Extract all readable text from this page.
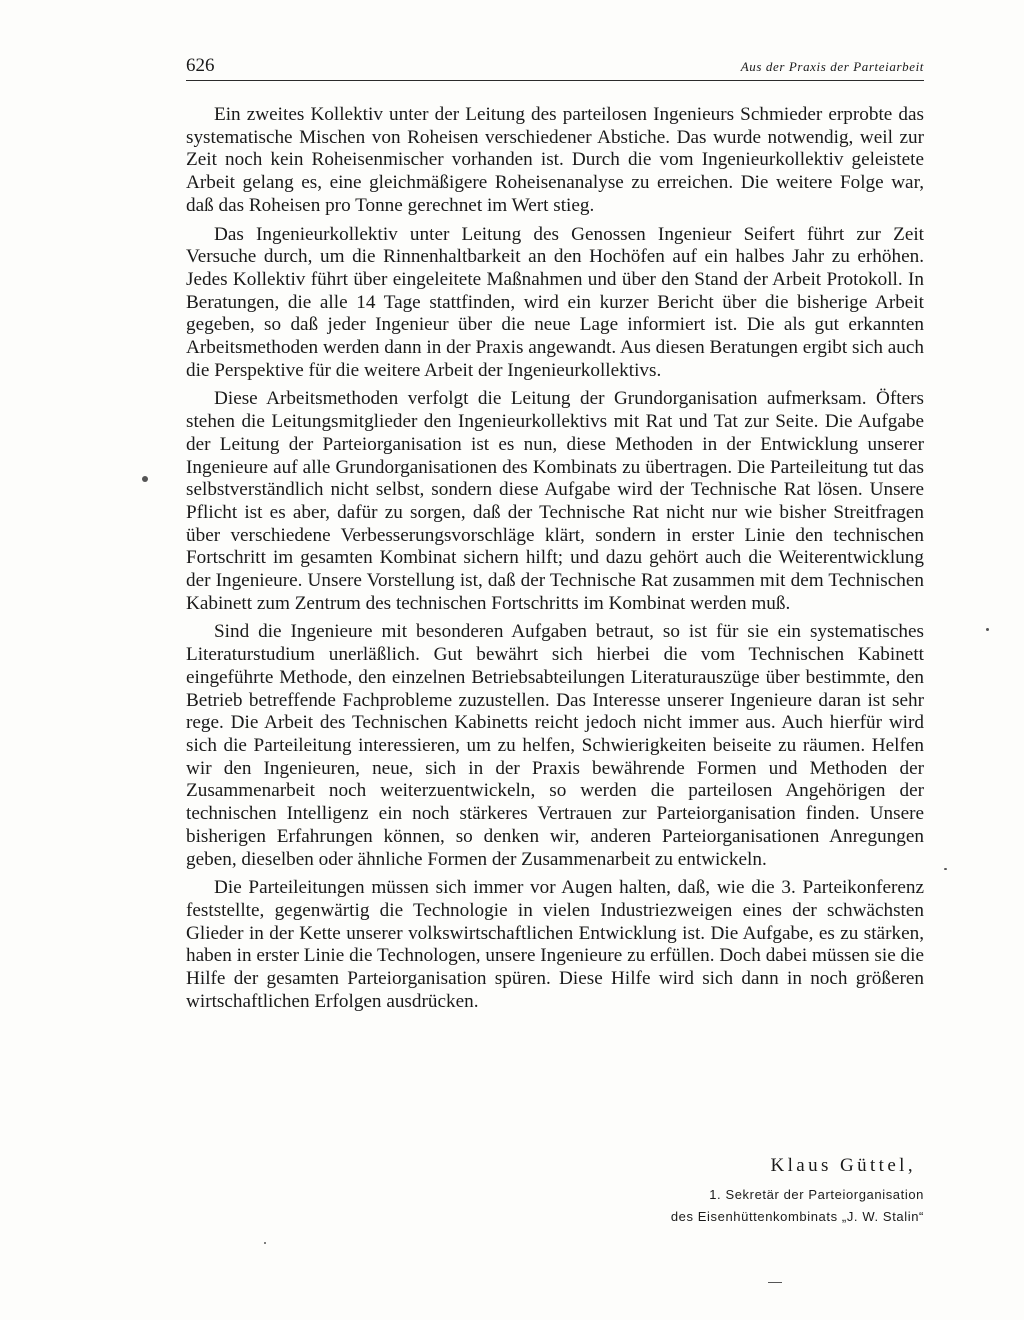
626	Aus der Praxis der Parteiarbeit

Ein zweites Kollektiv unter der Leitung des parteilosen Ingenieurs Schmieder erprobte das systematische Mischen von Roheisen verschiedener Abstiche. Das wurde notwendig, weil zur Zeit noch kein Roheisenmischer vorhanden ist. Durch die vom Ingenieurkollektiv geleistete Arbeit gelang es, eine gleichmäßigere Roheisenanalyse zu erreichen. Die weitere Folge war, daß das Roheisen pro Tonne gerechnet im Wert stieg.

Das Ingenieurkollektiv unter Leitung des Genossen Ingenieur Seifert führt zur Zeit Versuche durch, um die Rinnenhaltbarkeit an den Hochöfen auf ein halbes Jahr zu erhöhen. Jedes Kollektiv führt über eingeleitete Maßnahmen und über den Stand der Arbeit Protokoll. In Beratungen, die alle 14 Tage stattfinden, wird ein kurzer Bericht über die bisherige Arbeit gegeben, so daß jeder Ingenieur über die neue Lage informiert ist. Die als gut erkannten Arbeitsmethoden werden dann in der Praxis angewandt. Aus diesen Beratungen ergibt sich auch die Perspektive für die weitere Arbeit der Ingenieurkollektivs.

Diese Arbeitsmethoden verfolgt die Leitung der Grundorganisation aufmerksam. Öfters stehen die Leitungsmitglieder den Ingenieurkollektivs mit Rat und Tat zur Seite. Die Aufgabe der Leitung der Parteiorganisation ist es nun, diese Methoden in der Entwicklung unserer Ingenieure auf alle Grundorganisationen des Kombinats zu übertragen. Die Parteileitung tut das selbstverständlich nicht selbst, sondern diese Aufgabe wird der Technische Rat lösen. Unsere Pflicht ist es aber, dafür zu sorgen, daß der Technische Rat nicht nur wie bisher Streitfragen über verschiedene Verbesserungsvorschläge klärt, sondern in erster Linie den technischen Fortschritt im gesamten Kombinat sichern hilft; und dazu gehört auch die Weiterentwicklung der Ingenieure. Unsere Vorstellung ist, daß der Technische Rat zusammen mit dem Technischen Kabinett zum Zentrum des technischen Fortschritts im Kombinat werden muß.

Sind die Ingenieure mit besonderen Aufgaben betraut, so ist für sie ein systematisches Literaturstudium unerläßlich. Gut bewährt sich hierbei die vom Technischen Kabinett eingeführte Methode, den einzelnen Betriebsabteilungen Literaturauszüge über bestimmte, den Betrieb betreffende Fachprobleme zuzustellen. Das Interesse unserer Ingenieure daran ist sehr rege. Die Arbeit des Technischen Kabinetts reicht jedoch nicht immer aus. Auch hierfür wird sich die Parteileitung interessieren, um zu helfen, Schwierigkeiten beiseite zu räumen. Helfen wir den Ingenieuren, neue, sich in der Praxis bewährende Formen und Methoden der Zusammenarbeit noch weiterzuentwickeln, so werden die parteilosen Angehörigen der technischen Intelligenz ein noch stärkeres Vertrauen zur Parteiorganisation finden. Unsere bisherigen Erfahrungen können, so denken wir, anderen Parteiorganisationen Anregungen geben, dieselben oder ähnliche Formen der Zusammenarbeit zu entwickeln.

Die Parteileitungen müssen sich immer vor Augen halten, daß, wie die 3. Parteikonferenz feststellte, gegenwärtig die Technologie in vielen Industriezweigen eines der schwächsten Glieder in der Kette unserer volkswirtschaftlichen Entwicklung ist. Die Aufgabe, es zu stärken, haben in erster Linie die Technologen, unsere Ingenieure zu erfüllen. Doch dabei müssen sie die Hilfe der gesamten Parteiorganisation spüren. Diese Hilfe wird sich dann in noch größeren wirtschaftlichen Erfolgen ausdrücken.

Klaus Güttel,

1. Sekretär der Parteiorganisation

des Eisenhüttenkombinats „J. W. Stalin“
